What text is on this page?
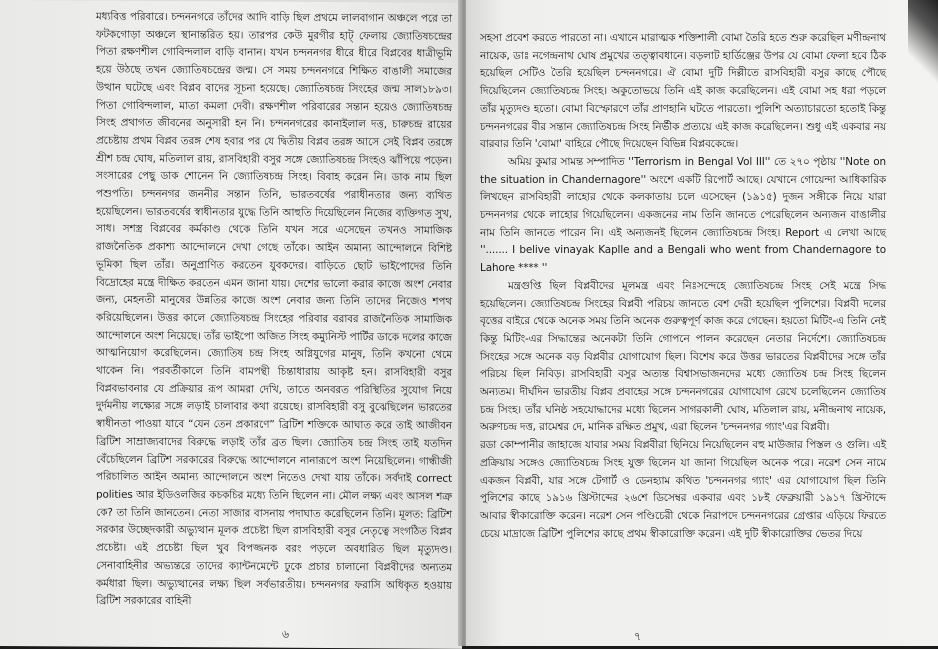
মধ্যবিত্ত পরিবারে। চন্দননগরে তাঁদের আদি বাড়ি ছিল প্রথমে লালবাগান অঞ্চলে পরে তা ফটকগোড়া অঞ্চলে স্থানান্তরিত হয়। তারপর কেউ মুরগীর হাট্ ফেলায় জ্যোতিষচন্দ্রের পিতা রক্ষণশীল গোবিন্দলাল বাড়ি বানান। যখন চন্দননগর ধীরে ধীরে বিপ্লবের ধাত্রীভূমি হয়ে উঠছে তখন জ্যোতিষচন্দ্রের জন্ম। সে সময় চন্দননগরে শিক্ষিত বাঙালী সমাজের উত্থান ঘটেছে এবং বিপ্লব বাদের সূচনা হয়েছে। জ্যোতিষচন্দ্র সিংহের জন্ম সাল১৮৯৩। পিতা গোবিন্দলাল, মাতা কমলা দেবী। রক্ষণশীল পরিবারের সন্তান হয়েও জ্যোতিষচন্দ্র সিংহ প্রথাগত জীবনের অনুসারী হন নি। চন্দননগরের কানাইলাল দত্ত, চারুচন্দ্র রায়ের প্রচেষ্টায় প্রথম বিপ্লব তরঙ্গ শেষ হবার পর যে দ্বিতীয় বিপ্লব তরঙ্গ আসে সেই বিপ্লব তরঙ্গে শ্রীশ চন্দ্র ঘোষ, মতিলাল রায়, রাসবিহারী বসুর সঙ্গে জ্যোতিষচন্দ্র সিংহও ঝাঁপিয়ে পড়েন। সংসারের পেছু ডাক শোনেন নি জ্যোতিষচন্দ্র সিংহ। বিবাহ করেন নি। ডাক নাম ছিল পশুপতি। চন্দননগর জননীর সন্তান তিনি, ভারতবর্ষের পরাধীনতার জন্য ব্যথিত হয়েছিলেন। ভারতবর্ষের স্বাধীনতার যুদ্ধে তিনি আহুতি দিয়েছিলেন নিজের ব্যক্তিগত সুখ, সাধ। সশস্ত্র বিপ্লবের কর্মকাণ্ড থেকে তিনি যখন সরে এসেছেন তখনও সামাজিক রাজনৈতিক প্রকাশ্য আন্দোলনে দেখা গেছে তাঁকে। আইন অমান্য আন্দোলনে বিশিষ্ট ভূমিকা ছিল তাঁর। অনুপ্রাণিত করতেন যুবকদের। বাড়িতে ছোট ভাইপোদের তিনি বিদ্রোহের মন্ত্রে দীক্ষিত করতেন এমন জানা যায়। দেশের ভালো করার কাজে অংশ নেবার জন্য, মেহনতী মানুষের উন্নতির কাজে অংশ নেবার জন্য তিনি তাদের নিজেও শপথ করিয়েছিলেন। উত্তর কালে জ্যোতিষচন্দ্র সিংহের পরিবার বরাবর রাজনৈতিক সামাজিক আন্দোলনে অংশ নিয়েছে। তাঁর ভাইপো অজিত সিংহ কম্যুনিস্ট পার্টির ডাকে দলের কাজে আত্মনিয়োগ করেছিলেন। জ্যোতিষ চন্দ্র সিংহ অগ্নিযুগের মানুষ, তিনি কখনো থেমে থাকেন নি। পরবর্তীকালে তিনি বামপন্থী চিন্তাধারায় আকৃষ্ট হন। রাসবিহারী বসুর বিপ্লবভাবনার যে প্রক্রিয়ার রূপ আমরা দেখি, তাতে অনবরত পরিস্থিতির সুযোগ নিয়ে দুর্দমনীয় লক্ষ্যের সঙ্গে লড়াই চালাবার কথা রয়েছে। রাসবিহারী বসু বুঝেছিলেন ভারতের স্বাধীনতা পাওয়া যাবে “যেন তেন প্রকারণে” ব্রিটিশ শক্তিকে আঘাত করে তাই আজীবন ব্রিটিশ সাম্রাজ্যবাদের বিরুদ্ধে লড়াই তাঁর ব্রত ছিল। জ্যোতিষ চন্দ্র সিংহ তাই যতদিন বেঁচেছিলেন ব্রিটিশ সরকারের বিরুদ্ধে আন্দোলনে নানারূপে অংশ নিয়েছিলেন। গান্ধীজী পরিচালিত আইন অমান্য আন্দোলনে অংশ নিতেও দেখা যায় তাঁকে। সর্বদাই correct polities আর ইডিওলজির কচকচির মধ্যে তিনি ছিলেন না। মৌল লক্ষ্য এবং আসল শত্রু কে? তা তিনি জানতেন। নেতা সাজার বাসনায় পদাঘাত করেছিলেন তিনি। মূলত: ব্রিটিশ সরকার উচ্ছেদকারী অভ্যুত্থান মূলক প্রচেষ্টা ছিল রাসবিহারী বসুর নেতৃত্বে সংগঠিত বিপ্লব প্রচেষ্টা। এই প্রচেষ্টা ছিল খুব বিপজ্জনক বরং পড়লে অবধারিত ছিল মৃত্যুদণ্ড। সেনাবাহিনীর অভ্যন্তরে তাদের ক্যান্টনমেন্টে ঢুকে প্রচার চালানো বিপ্লবীদের অন্যতম কর্মধারা ছিল। অভ্যুত্থানের লক্ষ্য ছিল সর্বভারতীয়। চন্দননগর ফরাসি অধিকৃত হওয়ায় ব্রিটিশ সরকারের বাহিনী

৬

সহসা প্রবেশ করতে পারতো না। এখানে মারাত্মক শক্তিশালী বোমা তৈরি হতে শুরু করেছিল মণীন্দ্রনাথ নায়েক, ডাঃ নগেন্দ্রনাথ ঘোষ প্রমুখের তত্ত্বাবধানে। বড়লাট হার্ডিঞ্জের উপর যে বোমা ফেলা হবে ঠিক হয়েছিল সেটিও তৈরি হয়েছিল চন্দননগরে। ঐ বোমা দুটি দিল্লীতে রাসবিহারী বসুর কাছে পৌছে দিয়েছিলেন জ্যোতিষচন্দ্র সিংহ। অকুতোভয়ে তিনি এই কাজ করেছিলেন। এই বোমা সহ ধরা পড়লে তাঁর মৃত্যুদণ্ড হতো। বোমা বিস্ফোরণে তাঁর প্রাণহানি ঘটতে পারতো। পুলিশি অত্যাচারতো হতোই কিন্তু চন্দননগরের বীর সন্তান জ্যোতিষচন্দ্র সিংহ নির্ভীক প্রত্যয়ে এই কাজ করেছিলেন। শুধু এই একবার নয় বারবার তিনি 'বোমা' বাহিরে পৌছে দিয়েছেন বিভিন্ন বিপ্লবকেন্দ্রে।

অমিয় কুমার সামন্ত সম্পাদিত ''Terrorism in Bengal Vol III'' তে ২৭০ পৃষ্ঠায় ''Note on the situation in Chandernagore'' অংশে একটি রিপোর্ট আছে। যেখানে গোয়েন্দা আধিকারিক লিখছেন রাসবিহারী লাহোর থেকে কলকাতায় চলে এসেছেন (১৯১৫) দুজন সঙ্গীকে নিয়ে যারা চন্দননগর থেকে লাহোর গিয়েছিলেন। একজনের নাম তিনি জানতে পেরেছিলেন অন্যজন বাঙালীর নাম তিনি জানতে পারেন নি। এই অন্যজনই ছিলেন জ্যোতিষচন্দ্র সিংহ। Report এ লেখা আছে ''....... I belive vinayak Kaplle and a Bengali who went from Chandernagore to Lahore **** ''

মন্ত্রগুপ্তি ছিল বিপ্লবীদের মূলমন্ত্র এবং নিঃসন্দেহে জ্যোতিষচন্দ্র সিংহ সেই মন্ত্রে সিদ্ধ হয়েছিলেন। জ্যোতিষচন্দ্র সিংহের বিপ্লবী পরিচয় জানতে বেশ দেরী হয়েছিল পুলিশের। বিপ্লবী দলের বৃত্তের বাইরে থেকে অনেক সময় তিনি অনেক গুরুত্বপূর্ণ কাজ করে গেছেন। হয়তো মিটিং-এ তিনি নেই কিন্তু মিটিং-এর সিদ্ধান্তের অনেকটা তিনি গোপনে পালন করেছেন নেতার নির্দেশে। জ্যোতিষচন্দ্র সিংহের সঙ্গে অনেক বড় বিপ্লবীর যোগাযোগ ছিল। বিশেষ করে উত্তর ভারতের বিপ্লবীদের সঙ্গে তাঁর পরিচয় ছিল নিবিড়। রাসবিহারী বসুর অত্যন্ত বিশ্বাসভাজনদের মধ্যে জ্যোতিষ চন্দ্র সিংহ ছিলেন অন্যতম। দীর্ঘদিন ভারতীয় বিপ্লব প্রবাহের সঙ্গে চন্দননগরের যোগাযোগ রেখে চলেছিলেন জ্যোতিষ চন্দ্র সিংহ। তাঁর ঘনিষ্ঠ সহযোদ্ধাদের মধ্যে ছিলেন সাগরকালী ঘোষ, মতিলাল রায়, মনীন্দ্রনাথ নায়েক, অরুণচন্দ্র দত্ত, রামেশ্বর দে, মানিক রক্ষিত প্রমুখ, এরা ছিলেন 'চন্দননগর গ্যাং'এর বিপ্লবী।

রডা কোম্পানীর জাহাজে যাবার সময় বিপ্লবীরা ছিনিয়ে নিয়েছিলেন বহু মাউজার পিস্তল ও গুলি। এই প্রক্রিয়ায় সঙ্গেও জ্যোতিষচন্দ্র সিংহ যুক্ত ছিলেন যা জানা গিয়েছিল অনেক পরে। নরেশ সেন নামে একজন বিপ্লবী, যার সঙ্গে টেগার্ট ও ডেনহ্যাম কথিত 'চন্দননগর গ্যাং' এর যোগাযোগ ছিল তিনি পুলিশের কাছে ১৯১৬ খ্রিস্টাব্দের ২৬শে ডিসেম্বর একবার এবং ১৮ই ফেব্রুয়ারী ১৯১৭ খ্রিস্টাব্দে আবার স্বীকারোক্তি করেন। নরেশ সেন পণ্ডিচেরী থেকে নিরাপদে চন্দননগরের গ্রেপ্তার এড়িয়ে ফিরতে চেয়ে মাদ্রাজে ব্রিটিশ পুলিশের কাছে প্রথম স্বীকারোক্তি করেন। এই দুটি স্বীকারোক্তির ভেতর দিয়ে

৭
